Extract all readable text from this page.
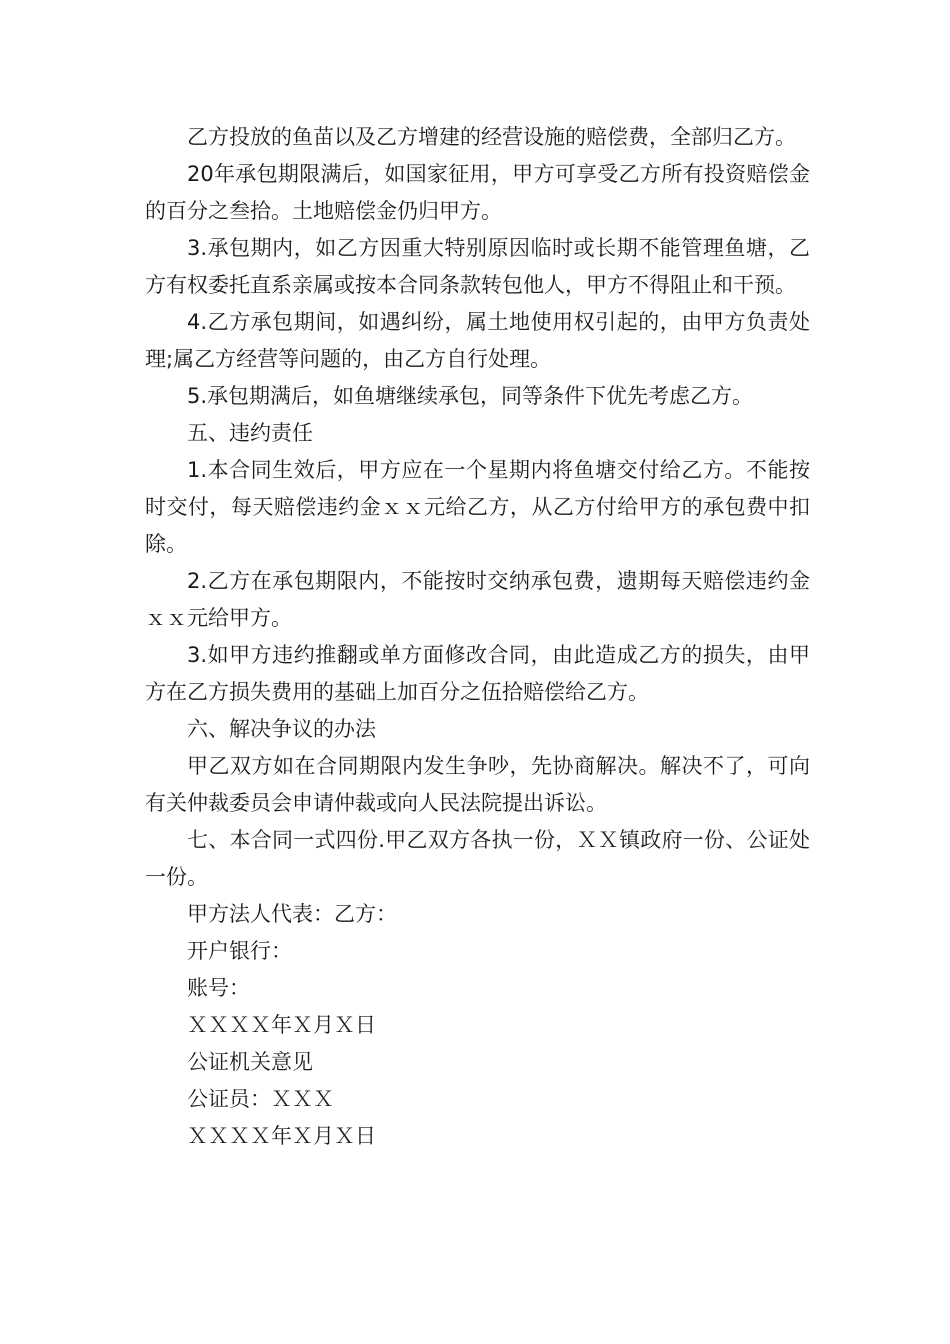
乙方投放的鱼苗以及乙方增建的经营设施的赔偿费，全部归乙方。

20年承包期限满后，如国家征用，甲方可享受乙方所有投资赔偿金的百分之叁拾。土地赔偿金仍归甲方。

3.承包期内，如乙方因重大特别原因临时或长期不能管理鱼塘，乙方有权委托直系亲属或按本合同条款转包他人，甲方不得阻止和干预。

4.乙方承包期间，如遇纠纷，属土地使用权引起的，由甲方负责处理;属乙方经营等问题的，由乙方自行处理。

5.承包期满后，如鱼塘继续承包，同等条件下优先考虑乙方。

五、违约责任

1.本合同生效后，甲方应在一个星期内将鱼塘交付给乙方。不能按时交付，每天赔偿违约金ｘｘ元给乙方，从乙方付给甲方的承包费中扣除。

2.乙方在承包期限内，不能按时交纳承包费，遗期每天赔偿违约金ｘｘ元给甲方。

3.如甲方违约推翻或单方面修改合同，由此造成乙方的损失，由甲方在乙方损失费用的基础上加百分之伍拾赔偿给乙方。

六、解决争议的办法

甲乙双方如在合同期限内发生争吵，先协商解决。解决不了，可向有关仲裁委员会申请仲裁或向人民法院提出诉讼。

七、本合同一式四份.甲乙双方各执一份，ＸＸ镇政府一份、公证处一份。

甲方法人代表：乙方：

开户银行：

账号：

ＸＸＸＸ年Ｘ月Ｘ日

公证机关意见

公证员：ＸＸＸ

ＸＸＸＸ年Ｘ月Ｘ日
